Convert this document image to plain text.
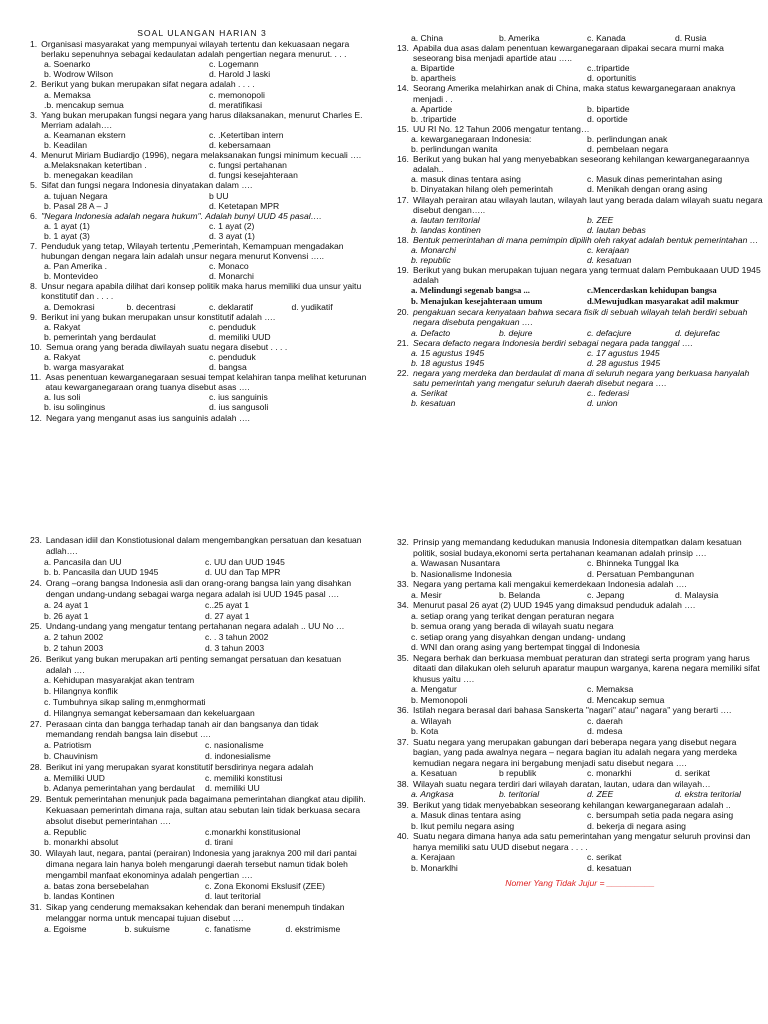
SOAL ULANGAN HARIAN 3
1. Organisasi masyarakat yang mempunyai wilayah tertentu dan kekuasaan negara berlaku sepenuhnya sebagai kedaulatan adalah pengertian negara menurut. . . .
a. Soenarko	c. Logemann
b. Wodrow Wilson	d. Harold J laski
2. Berikut yang bukan merupakan sifat negara adalah . . . .
a. Memaksa	c. memonopoli
.b. mencakup semua	d. meratifikasi
3. Yang bukan merupakan fungsi negara yang harus dilaksanakan, menurut Charles E. Merriam adalah….
a. Keamanan ekstern	c. .Ketertiban intern
b. Keadilan	d. kebersamaan
4. Menurut Miriam Budiardjo (1996), negara melaksanakan fungsi minimum kecuali ….
a.Melaksnakan ketertiban .	c. fungsi pertahanan
b. menegakan keadilan	d. fungsi kesejahteraan
5. Sifat dan fungsi negara Indonesia dinyatakan dalam ….
a. tujuan Negara	b UU
b. Pasal 28 A – J	d. Ketetapan MPR
6. "Negara Indonesia adalah negara hukum". Adalah bunyi UUD 45 pasal….
a. 1 ayat (1)	c. 1 ayat (2)
b. 1 ayat (3)	d. 3 ayat (1)
7. Penduduk yang tetap, Wilayah tertentu ,Pemerintah, Kemampuan mengadakan hubungan dengan negara lain adalah unsur negara menurut Konvensi …..
a. Pan Amerika .	c. Monaco
b. Montevideo	d. Monarchi
8. Unsur negara apabila dilihat dari konsep politik maka harus memiliki dua unsur yaitu konstitutif dan . . . .
a. Demokrasi	b. decentrasi	c. deklaratif	d. yudikatif
9. Berikut ini yang bukan merupakan unsur konstitutif adalah ….
a. Rakyat	c. penduduk
b. pemerintah yang berdaulat	d. memiliki UUD
10. Semua orang yang berada diwilayah suatu negara disebut . . . .
a. Rakyat	c. penduduk
b. warga masyarakat	d. bangsa
11. Asas penentuan kewarganegaraan sesuai tempat kelahiran tanpa melihat keturunan atau kewarganegaraan orang tuanya disebut asas ….
a. Ius soli	c. ius sanguinis
b. isu solinginus	d. ius sangusoli
12. Negara yang menganut asas ius sanguinis adalah ….
a. China	b. Amerika	c. Kanada	d. Rusia
13. Apabila dua asas dalam penentuan kewarganegaraan dipakai secara murni maka seseorang bisa menjadi apartide atau …..
a. Bipartide	c..tripartide
b. apartheis	d. oportunitis
14. Seorang Amerika melahirkan anak di China, maka status kewarganegaraan anaknya menjadi . .
a. Apartide	b. bipartide
b. .tripartide	d. oportide
15. UU RI No. 12 Tahun 2006 mengatur tentang…
a. kewarganegaraan Indonesia:	b. perlindungan anak
b. perlindungan wanita	d. pembelaan negara
16. Berikut yang bukan hal yang menyebabkan seseorang kehilangan kewarganegaraannya adalah..
a. masuk dinas tentara asing	c. Masuk dinas pemerintahan asing
b. Dinyatakan hilang oleh pemerintah	d. Menikah dengan orang asing
17. Wilayah perairan atau wilayah lautan, wilayah laut yang berada dalam wilayah suatu negara disebut dengan…..
a. lautan territorial	b. ZEE
b. landas kontinen	d. lautan bebas
18. Bentuk pemerintahan di mana pemimpin dipilih oleh rakyat adalah bentuk pemerintahan …
a. Monarchi	c. kerajaan
b. republic	d. kesatuan
19. Berikut yang bukan merupakan tujuan negara yang termuat dalam Pembukaaan UUD 1945 adalah
a. Melindungi segenab bangsa ...	c.Mencerdaskan kehidupan bangsa
b. Menajukan kesejahteraan umum	d.Mewujudkan masyarakat adil makmur
20. pengakuan secara kenyataan bahwa secara fisik di sebuah wilayah telah berdiri sebuah negara disebuta pengakuan ….
a. Defacto	b. dejure	c. defacjure	d. dejurefac
21. Secara defacto negara Indonesia berdiri sebagai negara pada tanggal ….
a. 15 agustus 1945	c. 17 agustus 1945
b. 18 agustus 1945	d. 28 agustus 1945
22. negara yang merdeka dan berdaulat di mana di seluruh negara yang berkuasa hanyalah satu pemerintah yang mengatur seluruh daerah disebut negara ….
a. Serikat	c.. federasi
b. kesatuan	d. union
23. Landasan idiil dan Konstiotusional dalam mengembangkan persatuan dan kesatuan adlah….
a. Pancasila dan UU	c. UU dan UUD 1945
b. b. Pancasila dan UUD 1945	d. UU dan Tap MPR
24. Orang –orang bangsa Indonesia asli dan orang-orang bangsa lain yang disahkan dengan undang-undang sebagai warga negara adalah isi UUD 1945 pasal ….
a. 24 ayat 1	c..25 ayat 1
b. 26 ayat 1	d. 27 ayat 1
25. Undang-undang yang mengatur tentang pertahanan negara adalah .. UU No …
a. 2 tahun 2002	c. . 3 tahun 2002
b. 2 tahun 2003	d. 3 tahun 2003
26. Berikut yang bukan merupakan arti penting semangat persatuan dan kesatuan adalah ….
a. Kehidupan masyarakjat akan tentram
b. Hilangnya konflik
c. Tumbuhnya sikap saling m,enmghormati
d. Hilangnya semangat kebersamaan dan kekeluargaan
27. Perasaan cinta dan bangga terhadap tanah air dan bangsanya dan tidak memandang rendah bangsa lain disebut ….
a. Patriotism	c. nasionalisme
b. Chauvinism	d. indonesialisme
28. Berikut ini yang merupakan syarat konstitutif bersdirinya negara adalah
a. Memiliki UUD	c. memiliki konstitusi
b. Adanya pemerintahan yang berdaulat	d. memiliki UU
29. Bentuk pemerintahan menunjuk pada bagaimana pemerintahan diangkat atau dipilih. Kekuasaan pemerintah dimana raja, sultan atau sebutan lain tidak berkuasa secara absolut disebut pemerintahan ….
a. Republic	c.monarkhi konstitusional
b. monarkhi absolut	d. tirani
30. Wilayah laut, negara, pantai (perairan) Indonesia yang jaraknya 200 mil dari pantai dimana negara lain hanya boleh mengarungi daerah tersebut namun tidak boleh mengambil manfaat ekonominya adalah pengertian ….
a. batas zona bersebelahan	c. Zona Ekonomi Ekslusif (ZEE)
b. landas Kontinen	d. laut teritorial
31. Sikap yang cenderung memaksakan kehendak dan berani menempuh tindakan melanggar norma untuk mencapai tujuan disebut ….
a. Egoisme	b. sukuisme	c. fanatisme	d. ekstrimisme
32. Prinsip yang memandang kedudukan manusia Indonesia ditempatkan dalam kesatuan politik, sosial budaya,ekonomi serta pertahanan keamanan adalah prinsip ….
a. Wawasan Nusantara	c. Bhinneka Tunggal Ika
b. Nasionalisme Indonesia	d. Persatuan Pembangunan
33. Negara yang pertama kali mengakui kemerdekaan Indonesia adalah ….
a. Mesir	b. Belanda	c. Jepang	d. Malaysia
34. Menurut pasal 26 ayat (2) UUD 1945 yang dimaksud penduduk adalah ….
a. setiap orang yang terikat dengan peraturan negara
b. semua orang yang berada di wilayah suatu negara
c. setiap orang yang disyahkan dengan undang- undang
d. WNI dan orang asing yang bertempat tinggal di Indonesia
35. Negara berhak dan berkuasa membuat peraturan dan strategi serta program yang harus ditaati dan dilakukan oleh seluruh aparatur maupun warganya, karena negara memiliki sifat khusus yaitu ….
a. Mengatur	c. Memaksa
b. Memonopoli	d. Mencakup semua
36. Istilah negara berasal dari bahasa Sanskerta "nagari" atau" nagara" yang berarti ….
a. Wilayah	c. daerah
b. Kota	d. mdesa
37. Suatu negara yang merupakan gabungan dari beberapa negara yang disebut negara bagian, yang pada awalnya negara – negara bagian itu adalah negara yang merdeka kemudian negara negara ini bergabung menjadi satu disebut negara ….
a. Kesatuan	b republik	c. monarkhi	d. serikat
38. Wilayah suatu negara terdiri dari wilayah daratan, lautan, udara dan wilayah…
a. Angkasa	b. teritorial	d. ZEE	d. ekstra teritorial
39. Berikut yang tidak menyebabkan seseorang kehilangan kewarganegaraan adalah ..
a. Masuk dinas tentara asing	c. bersumpah setia pada negara asing
b. Ikut pemilu negara asing	d. bekerja di negara asing
40. Suatu negara dimana hanya ada satu pemerintahan yang mengatur seluruh provinsi dan hanya memiliki satu UUD disebut negara . . . .
a. Kerajaan	c. serikat
b. Monarklhi	d. kesatuan
Nomer Yang Tidak Jujur = __________
